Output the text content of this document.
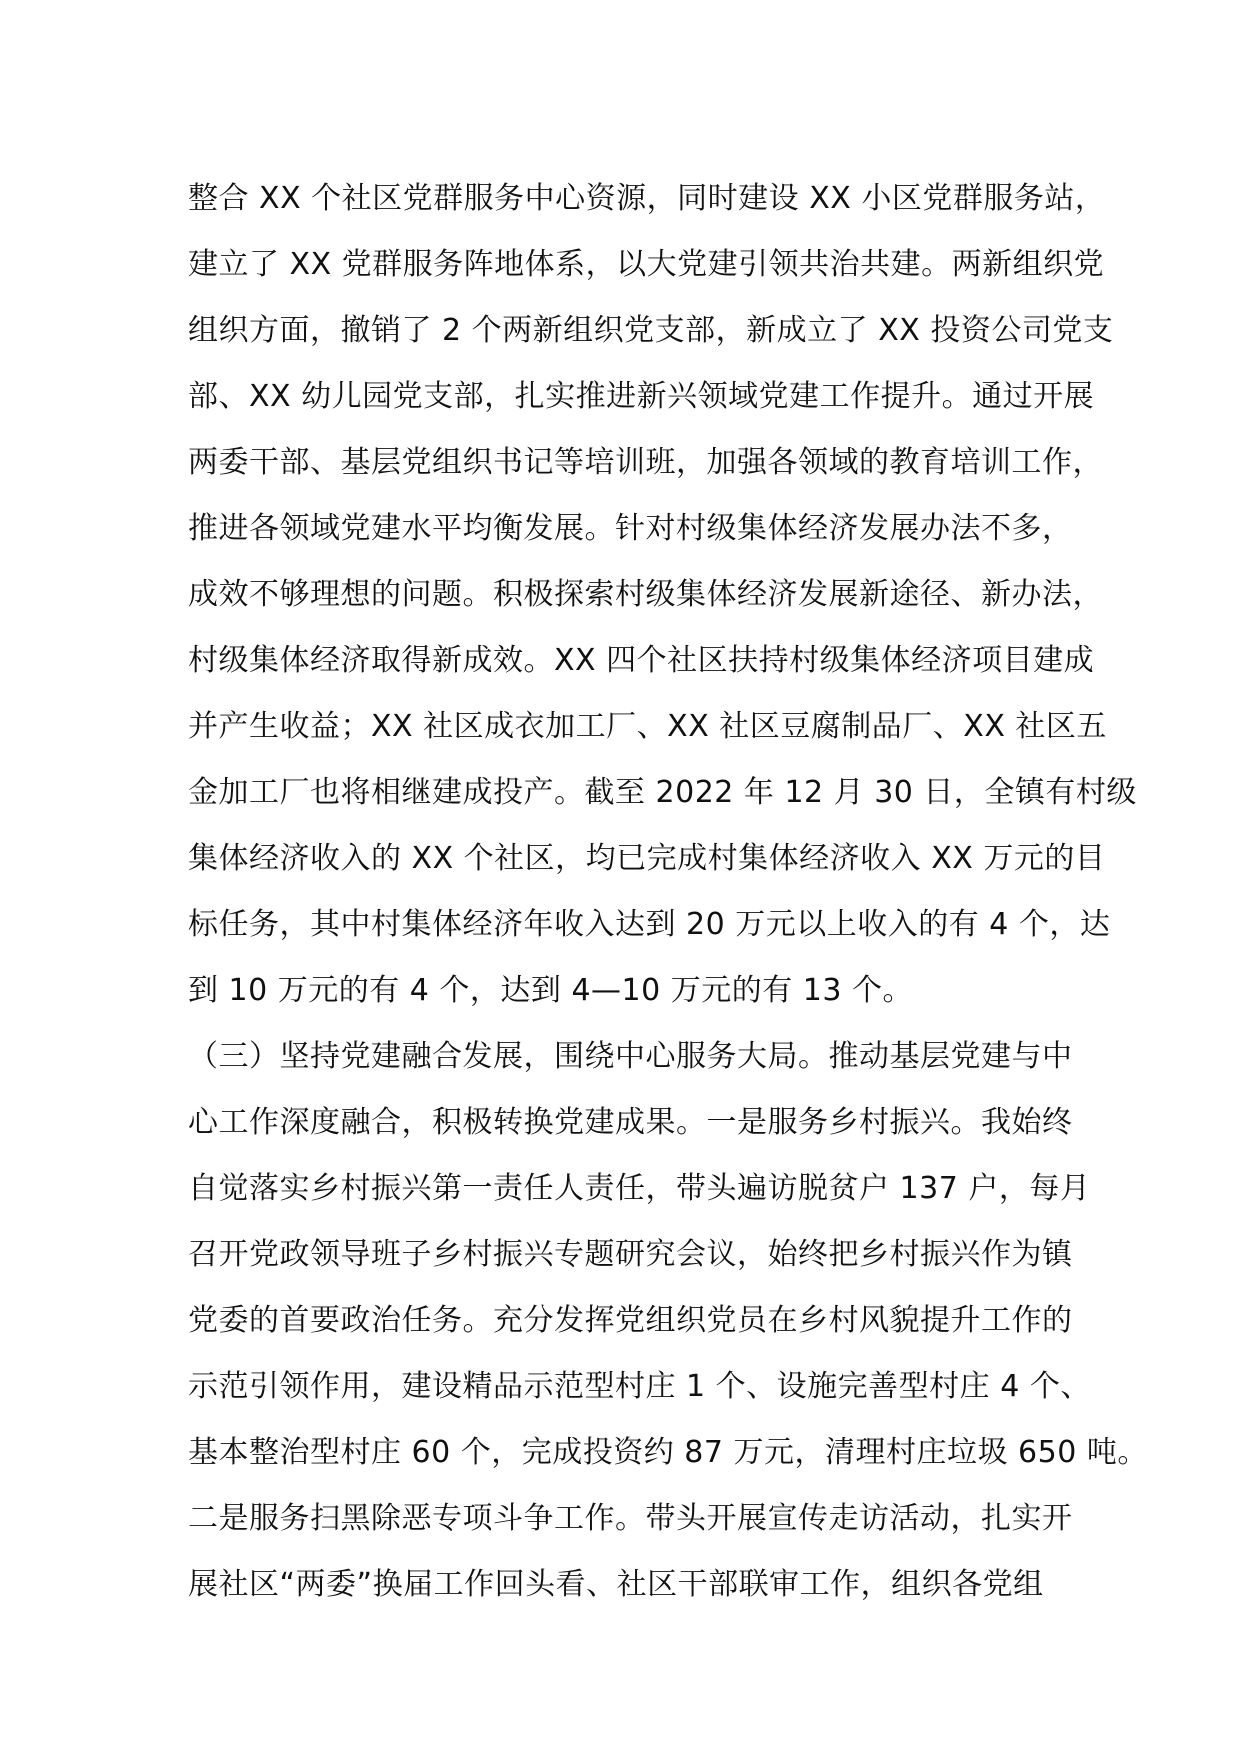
整合 XX 个社区党群服务中心资源，同时建设 XX 小区党群服务站，
建立了 XX 党群服务阵地体系，以大党建引领共治共建。两新组织党
组织方面，撤销了 2 个两新组织党支部，新成立了 XX 投资公司党支
部、XX 幼儿园党支部，扎实推进新兴领域党建工作提升。通过开展
两委干部、基层党组织书记等培训班，加强各领域的教育培训工作，
推进各领域党建水平均衡发展。针对村级集体经济发展办法不多，
成效不够理想的问题。积极探索村级集体经济发展新途径、新办法，
村级集体经济取得新成效。XX 四个社区扶持村级集体经济项目建成
并产生收益；XX 社区成衣加工厂、XX 社区豆腐制品厂、XX 社区五
金加工厂也将相继建成投产。截至 2022 年 12 月 30 日，全镇有村级
集体经济收入的 XX 个社区，均已完成村集体经济收入 XX 万元的目
标任务，其中村集体经济年收入达到 20 万元以上收入的有 4 个，达
到 10 万元的有 4 个，达到 4—10 万元的有 13 个。
（三）坚持党建融合发展，围绕中心服务大局。推动基层党建与中
心工作深度融合，积极转换党建成果。一是服务乡村振兴。我始终
自觉落实乡村振兴第一责任人责任，带头遍访脱贫户 137 户，每月
召开党政领导班子乡村振兴专题研究会议，始终把乡村振兴作为镇
党委的首要政治任务。充分发挥党组织党员在乡村风貌提升工作的
示范引领作用，建设精品示范型村庄 1 个、设施完善型村庄 4 个、
基本整治型村庄 60 个，完成投资约 87 万元，清理村庄垃圾 650 吨。
二是服务扫黑除恶专项斗争工作。带头开展宣传走访活动，扎实开
展社区“两委”换届工作回头看、社区干部联审工作，组织各党组
